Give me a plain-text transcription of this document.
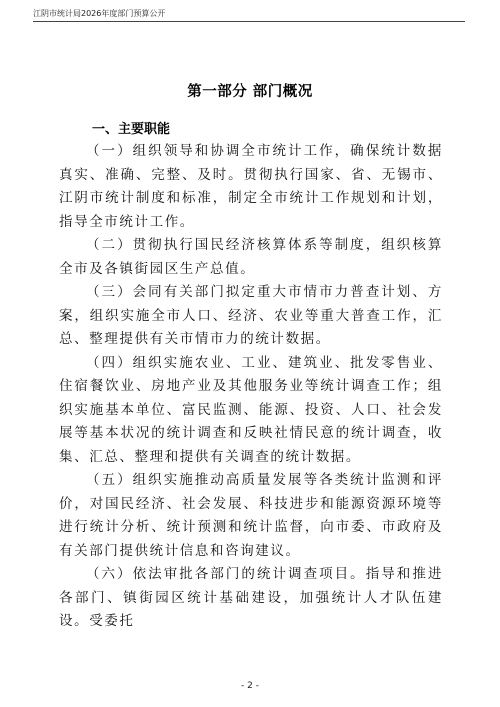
江阴市统计局2026年度部门预算公开
第一部分 部门概况
一、主要职能

（一）组织领导和协调全市统计工作，确保统计数据真实、准确、完整、及时。贯彻执行国家、省、无锡市、江阴市统计制度和标准，制定全市统计工作规划和计划，指导全市统计工作。

（二）贯彻执行国民经济核算体系等制度，组织核算全市及各镇街园区生产总值。

（三）会同有关部门拟定重大市情市力普查计划、方案，组织实施全市人口、经济、农业等重大普查工作，汇总、整理提供有关市情市力的统计数据。

（四）组织实施农业、工业、建筑业、批发零售业、住宿餐饮业、房地产业及其他服务业等统计调查工作；组织实施基本单位、富民监测、能源、投资、人口、社会发展等基本状况的统计调查和反映社情民意的统计调查，收集、汇总、整理和提供有关调查的统计数据。

（五）组织实施推动高质量发展等各类统计监测和评价，对国民经济、社会发展、科技进步和能源资源环境等进行统计分析、统计预测和统计监督，向市委、市政府及有关部门提供统计信息和咨询建议。

（六）依法审批各部门的统计调查项目。指导和推进各部门、镇街园区统计基础建设，加强统计人才队伍建设。受委托

- 2 -
